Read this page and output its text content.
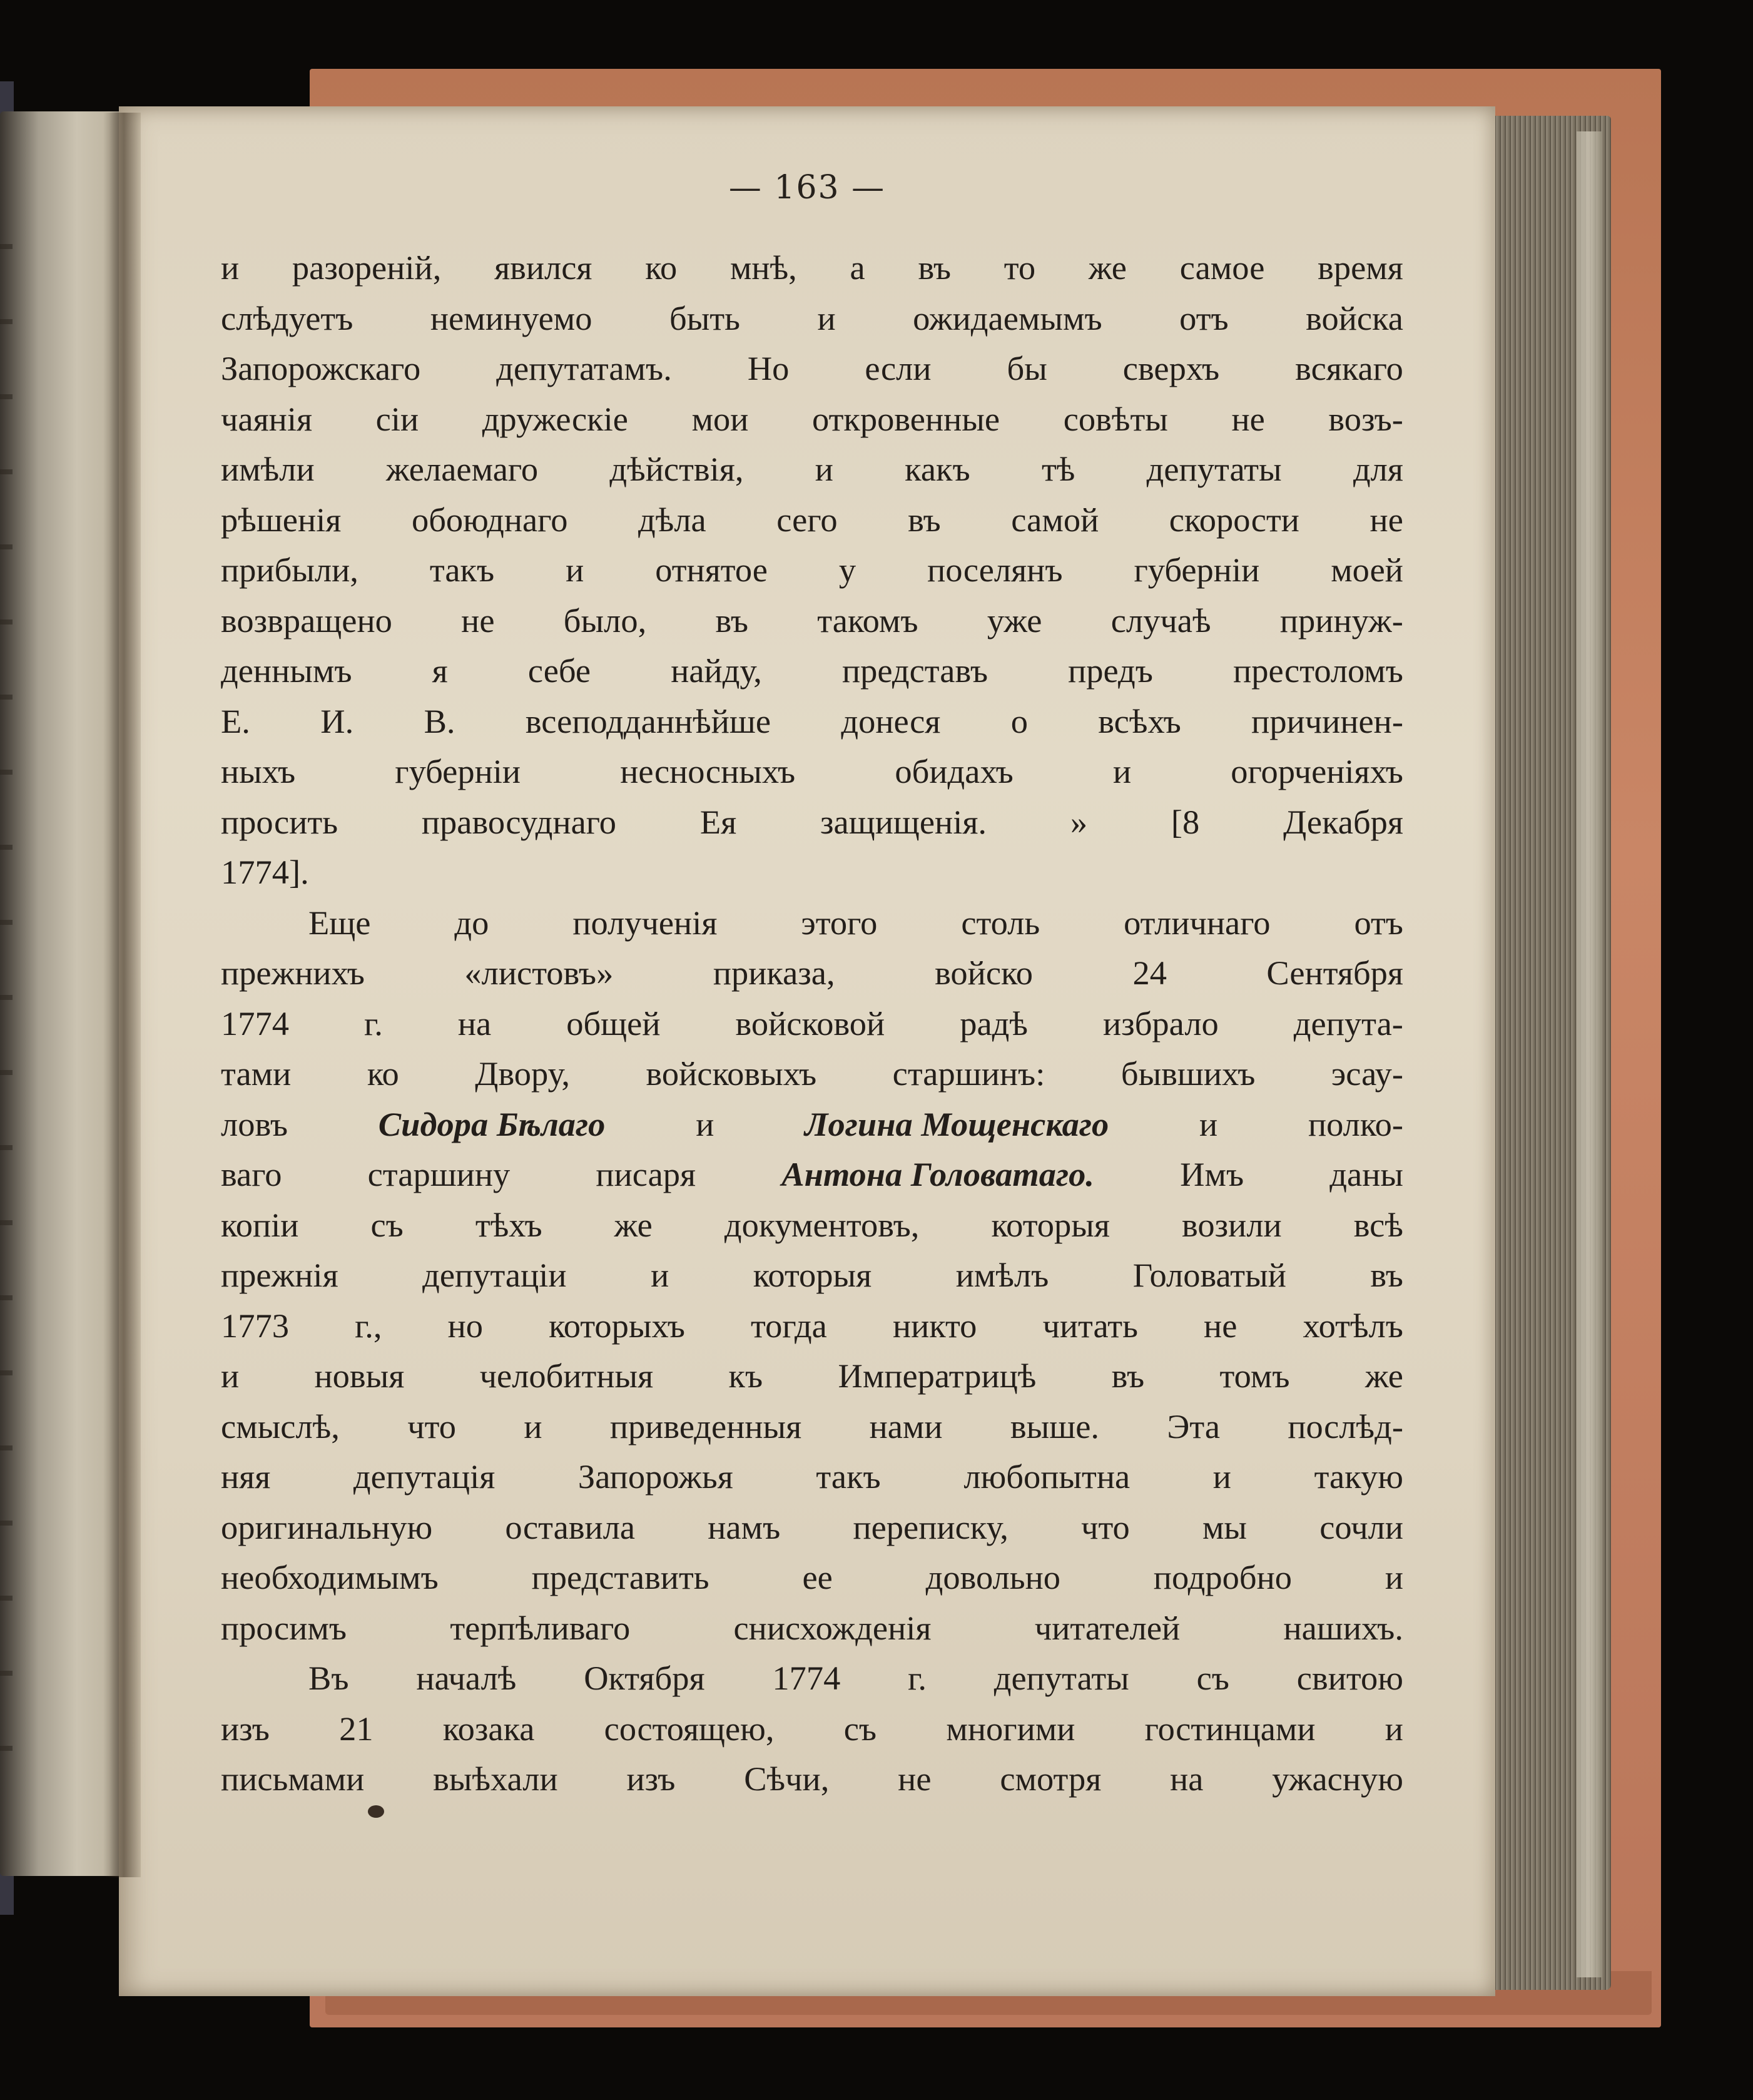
— 163 —
и разореній, явился ко мнѣ, а въ то же самое время
слѣдуетъ неминуемо быть и ожидаемымъ отъ войска
Запорожскаго депутатамъ. Но если бы сверхъ всякаго
чаянія сіи дружескіе мои откровенные совѣты не возъ-
имѣли желаемаго дѣйствія, и какъ тѣ депутаты для
рѣшенія обоюднаго дѣла сего въ самой скорости не
прибыли, такъ и отнятое у поселянъ губерніи моей
возвращено не было, въ такомъ уже случаѣ принуж-
деннымъ я себе найду, представъ предъ престоломъ
Е. И. В. всеподданнѣйше донеся о всѣхъ причинен-
ныхъ	губерніи	несносныхъ	обидахъ	и	огорченіяхъ
просить правосуднаго Ея защищенія. » [8 Декабря
1774].
Еще до полученія этого столь отличнаго отъ
прежнихъ	«листовъ»	приказа,	войско	24	Сентября
1774 г. на общей войсковой радѣ избрало депута-
тами ко Двору, войсковыхъ старшинъ: бывшихъ эсау-
ловъ	Сидора Бѣлаго	и	Логина Мощенскаго	и	полко-
ваго	старшину	писаря	Антона Головатаго.	Имъ	даны
копіи съ тѣхъ же документовъ, которыя возили всѣ
прежнія депутаціи и которыя имѣлъ Головатый въ
1773 г., но которыхъ тогда никто читать не хотѣлъ
и новыя челобитныя къ Императрицѣ въ томъ же
смыслѣ, что и приведенныя нами выше. Эта послѣд-
няя депутація Запорожья такъ любопытна и такую
оригинальную оставила намъ переписку, что мы сочли
необходимымъ	представить	ее	довольно	подробно	и
просимъ	терпѣливаго	снисхожденія	читателей	нашихъ.
Въ началѣ Октября 1774 г. депутаты съ свитою
изъ 21 козака состоящею, съ многими гостинцами и
письмами выѣхали изъ Сѣчи, не смотря на ужасную
